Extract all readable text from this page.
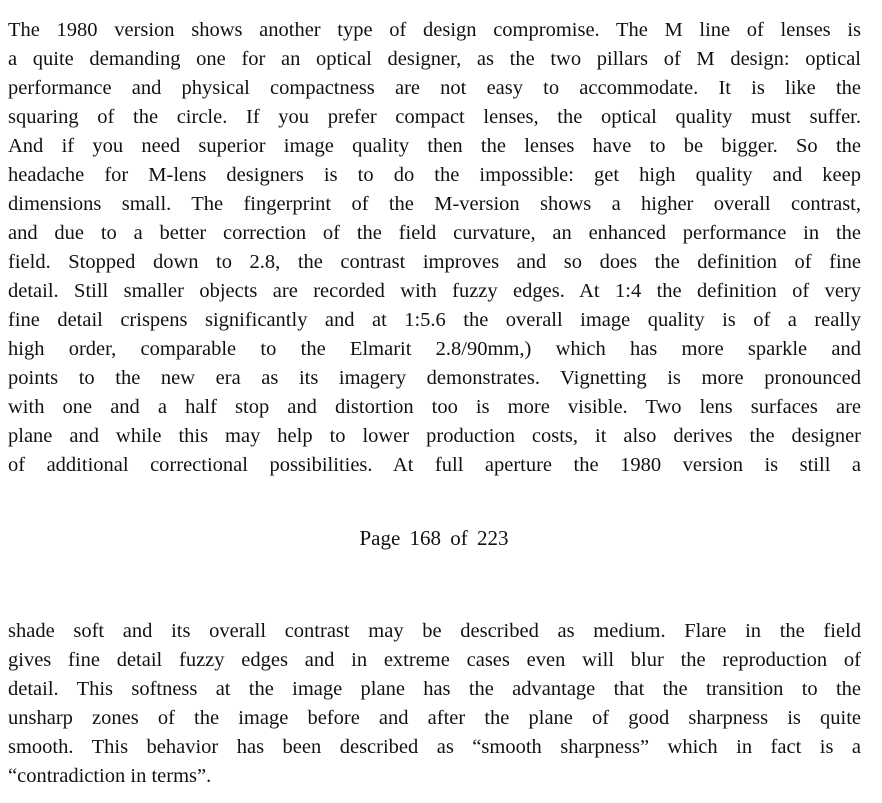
The 1980 version shows another type of design compromise. The M line of lenses is
a quite demanding one for an optical designer, as the two pillars of M design: optical
performance and physical compactness are not easy to accommodate. It is like the
squaring of the circle. If you prefer compact lenses, the optical quality must suffer.
And if you need superior image quality then the lenses have to be bigger. So the
headache for M-lens designers is to do the impossible: get high quality and keep
dimensions small. The fingerprint of the M-version shows a higher overall contrast,
and due to a better correction of the field curvature, an enhanced performance in the
field. Stopped down to 2.8, the contrast improves and so does the definition of fine
detail. Still smaller objects are recorded with fuzzy edges. At 1:4 the definition of very
fine detail crispens significantly and at 1:5.6 the overall image quality is of a really
high order, comparable to the Elmarit 2.8/90mm,) which has more sparkle and
points to the new era as its imagery demonstrates. Vignetting is more pronounced
with one and a half stop and distortion too is more visible. Two lens surfaces are
plane and while this may help to lower production costs, it also derives the designer
of additional correctional possibilities. At full aperture the 1980 version is still a
Page 168 of 223
shade soft and its overall contrast may be described as medium. Flare in the field
gives fine detail fuzzy edges and in extreme cases even will blur the reproduction of
detail. This softness at the image plane has the advantage that the transition to the
unsharp zones of the image before and after the plane of good sharpness is quite
smooth. This behavior has been described as “smooth sharpness” which in fact is a
“contradiction in terms”.
